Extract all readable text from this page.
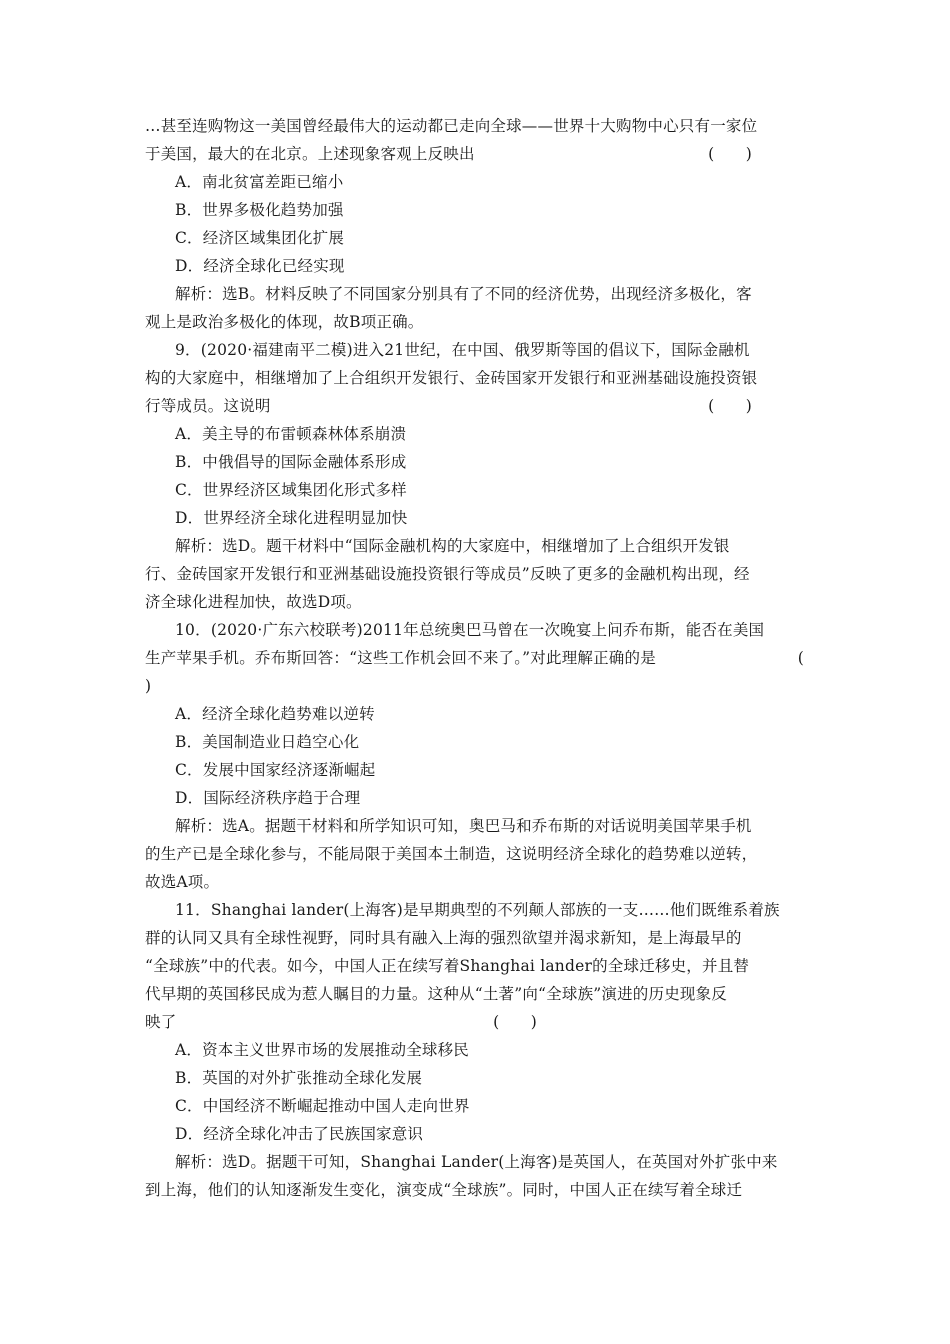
…甚至连购物这一美国曾经最伟大的运动都已走向全球——世界十大购物中心只有一家位
于美国，最大的在北京。上述现象客观上反映出	(　　)
A．南北贫富差距已缩小
B．世界多极化趋势加强
C．经济区域集团化扩展
D．经济全球化已经实现
解析：选B。材料反映了不同国家分别具有了不同的经济优势，出现经济多极化，客
观上是政治多极化的体现，故B项正确。
9．(2020·福建南平二模)进入21世纪，在中国、俄罗斯等国的倡议下，国际金融机
构的大家庭中，相继增加了上合组织开发银行、金砖国家开发银行和亚洲基础设施投资银
行等成员。这说明	(　　)
A．美主导的布雷顿森林体系崩溃
B．中俄倡导的国际金融体系形成
C．世界经济区域集团化形式多样
D．世界经济全球化进程明显加快
解析：选D。题干材料中“国际金融机构的大家庭中，相继增加了上合组织开发银
行、金砖国家开发银行和亚洲基础设施投资银行等成员”反映了更多的金融机构出现，经
济全球化进程加快，故选D项。
10．(2020·广东六校联考)2011年总统奥巴马曾在一次晚宴上问乔布斯，能否在美国
生产苹果手机。乔布斯回答：“这些工作机会回不来了。”对此理解正确的是	(
)
A．经济全球化趋势难以逆转
B．美国制造业日趋空心化
C．发展中国家经济逐渐崛起
D．国际经济秩序趋于合理
解析：选A。据题干材料和所学知识可知，奥巴马和乔布斯的对话说明美国苹果手机
的生产已是全球化参与，不能局限于美国本土制造，这说明经济全球化的趋势难以逆转，
故选A项。
11．Shanghai lander(上海客)是早期典型的不列颠人部族的一支……他们既维系着族
群的认同又具有全球性视野，同时具有融入上海的强烈欲望并渴求新知，是上海最早的
“全球族”中的代表。如今，中国人正在续写着Shanghai lander的全球迁移史，并且替
代早期的英国移民成为惹人瞩目的力量。这种从“土著”向“全球族”演进的历史现象反
映了	(　　)
A．资本主义世界市场的发展推动全球移民
B．英国的对外扩张推动全球化发展
C．中国经济不断崛起推动中国人走向世界
D．经济全球化冲击了民族国家意识
解析：选D。据题干可知，Shanghai Lander(上海客)是英国人，在英国对外扩张中来
到上海，他们的认知逐渐发生变化，演变成“全球族”。同时，中国人正在续写着全球迁
